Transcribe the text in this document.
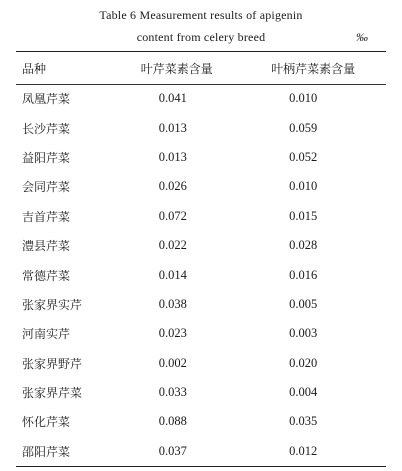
Table 6 Measurement results of apigenin
content from celery breed	‰
品种	叶芹菜素含量	叶柄芹菜素含量
凤凰芹菜	0.041	0.010
长沙芹菜	0.013	0.059
益阳芹菜	0.013	0.052
会同芹菜	0.026	0.010
吉首芹菜	0.072	0.015
澧县芹菜	0.022	0.028
常德芹菜	0.014	0.016
张家界实芹	0.038	0.005
河南实芹	0.023	0.003
张家界野芹	0.002	0.020
张家界芹菜	0.033	0.004
怀化芹菜	0.088	0.035
邵阳芹菜	0.037	0.012
